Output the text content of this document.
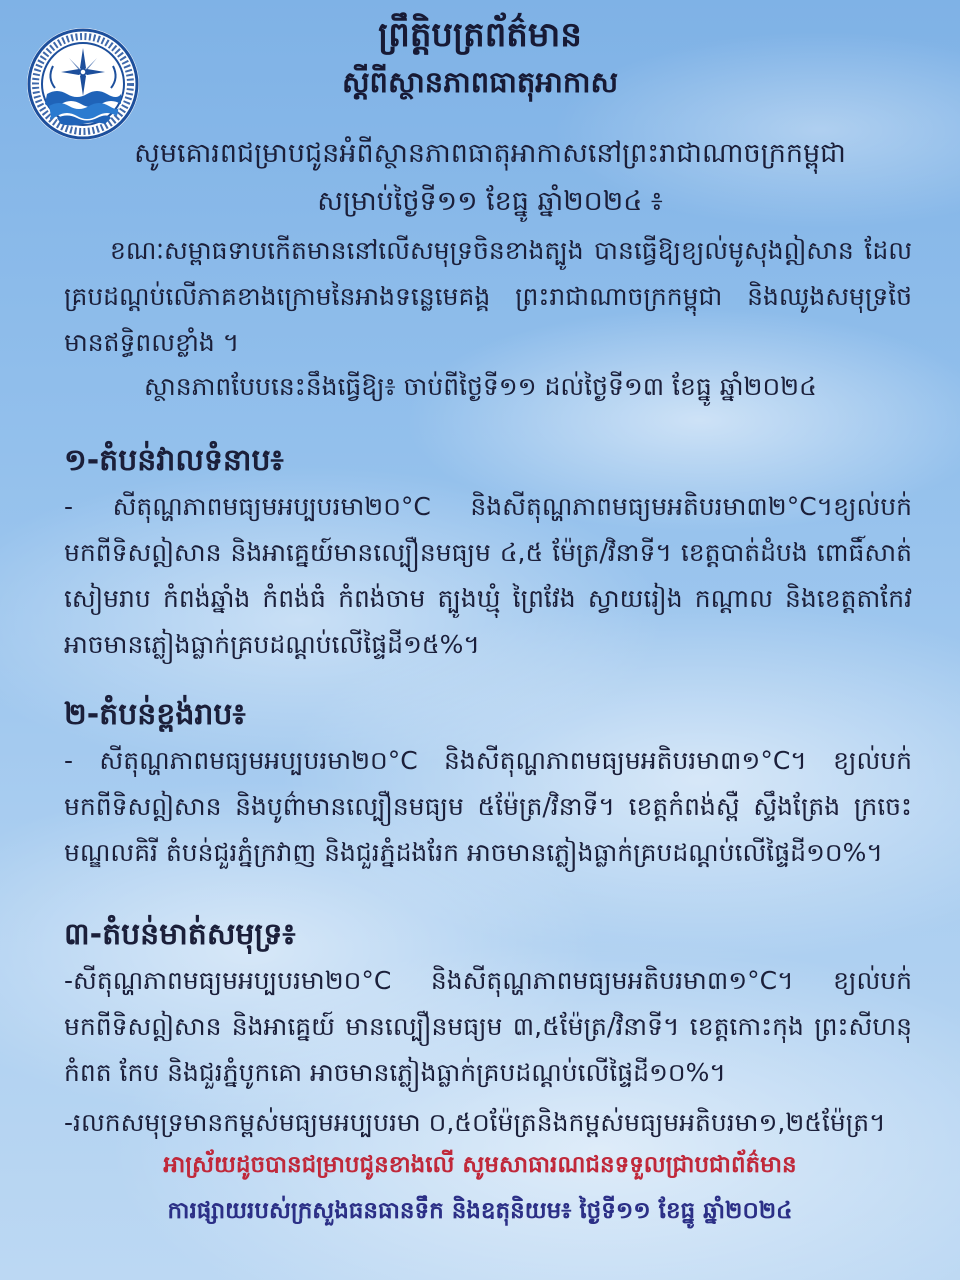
ព្រឹត្តិបត្រព័ត៌មាន
ស្តីពីស្ថានភាពធាតុអាកាស
សូមគោរពជម្រាបជូនអំពីស្ថានភាពធាតុអាកាសនៅព្រះរាជាណាចក្រកម្ពុជា
សម្រាប់ថ្ងៃទី១១ ខែធ្នូ ឆ្នាំ២០២៤ ៖
ខណៈសម្ពាធទាបកើតមាននៅលើសមុទ្រចិនខាងត្បូង បានធ្វើឱ្យខ្យល់មូសុងឦសាន ដែលគ្របដណ្តប់លើភាគខាងក្រោមនៃអាងទន្លេមេគង្គ ព្រះរាជាណាចក្រកម្ពុជា និងឈូងសមុទ្រថៃ មានឥទ្ធិពលខ្លាំង ។
ស្ថានភាពបែបនេះនឹងធ្វើឱ្យ៖ ចាប់ពីថ្ងៃទី១១ ដល់ថ្ងៃទី១៣ ខែធ្នូ ឆ្នាំ២០២៤
១-តំបន់វាលទំនាប៖
- សីតុណ្ហភាពមធ្យមអប្បបរមា២០°C និងសីតុណ្ហភាពមធ្យមអតិបរមា៣២°C។ខ្យល់បក់មកពីទិសឦសាន និងអាគ្នេយ៍មានល្បឿនមធ្យម ៤,៥ ម៉ែត្រ/វិនាទី។ ខេត្តបាត់ដំបង ពោធិ៍សាត់ សៀមរាប កំពង់ឆ្នាំង កំពង់ធំ កំពង់ចាម ត្បូងឃ្មុំ ព្រៃវែង ស្វាយរៀង កណ្តាល និងខេត្តតាកែវ អាចមានភ្លៀងធ្លាក់គ្របដណ្តប់លើផ្ទៃដី១៥%។
២-តំបន់ខ្ពង់រាប៖
- សីតុណ្ហភាពមធ្យមអប្បបរមា២០°C និងសីតុណ្ហភាពមធ្យមអតិបរមា៣១°C។ ខ្យល់បក់មកពីទិសឦសាន និងបូព៌ាមានល្បឿនមធ្យម ៥ម៉ែត្រ/វិនាទី។ ខេត្តកំពង់ស្ពឺ ស្ទឹងត្រែង ក្រចេះ មណ្ឌលគិរី តំបន់ជួរភ្នំក្រវាញ និងជួរភ្នំដងរែក អាចមានភ្លៀងធ្លាក់គ្របដណ្តប់លើផ្ទៃដី១០%។
៣-តំបន់មាត់សមុទ្រ៖
-សីតុណ្ហភាពមធ្យមអប្បបរមា២០°C និងសីតុណ្ហភាពមធ្យមអតិបរមា៣១°C។ ខ្យល់បក់មកពីទិសឦសាន និងអាគ្នេយ៍ មានល្បឿនមធ្យម ៣,៥ម៉ែត្រ/វិនាទី។ ខេត្តកោះកុង ព្រះសីហនុ កំពត កែប និងជួរភ្នំបូកគោ អាចមានភ្លៀងធ្លាក់គ្របដណ្តប់លើផ្ទៃដី១០%។
-រលកសមុទ្រមានកម្ពស់មធ្យមអប្បបរមា ០,៥០ម៉ែត្រនិងកម្ពស់មធ្យមអតិបរមា១,២៥ម៉ែត្រ។
អាស្រ័យដូចបានជម្រាបជូនខាងលើ សូមសាធារណជនទទួលជ្រាបជាព័ត៌មាន
ការផ្សាយរបស់ក្រសួងធនធានទឹក និងឧតុនិយម៖ ថ្ងៃទី១១ ខែធ្នូ ឆ្នាំ២០២៤
